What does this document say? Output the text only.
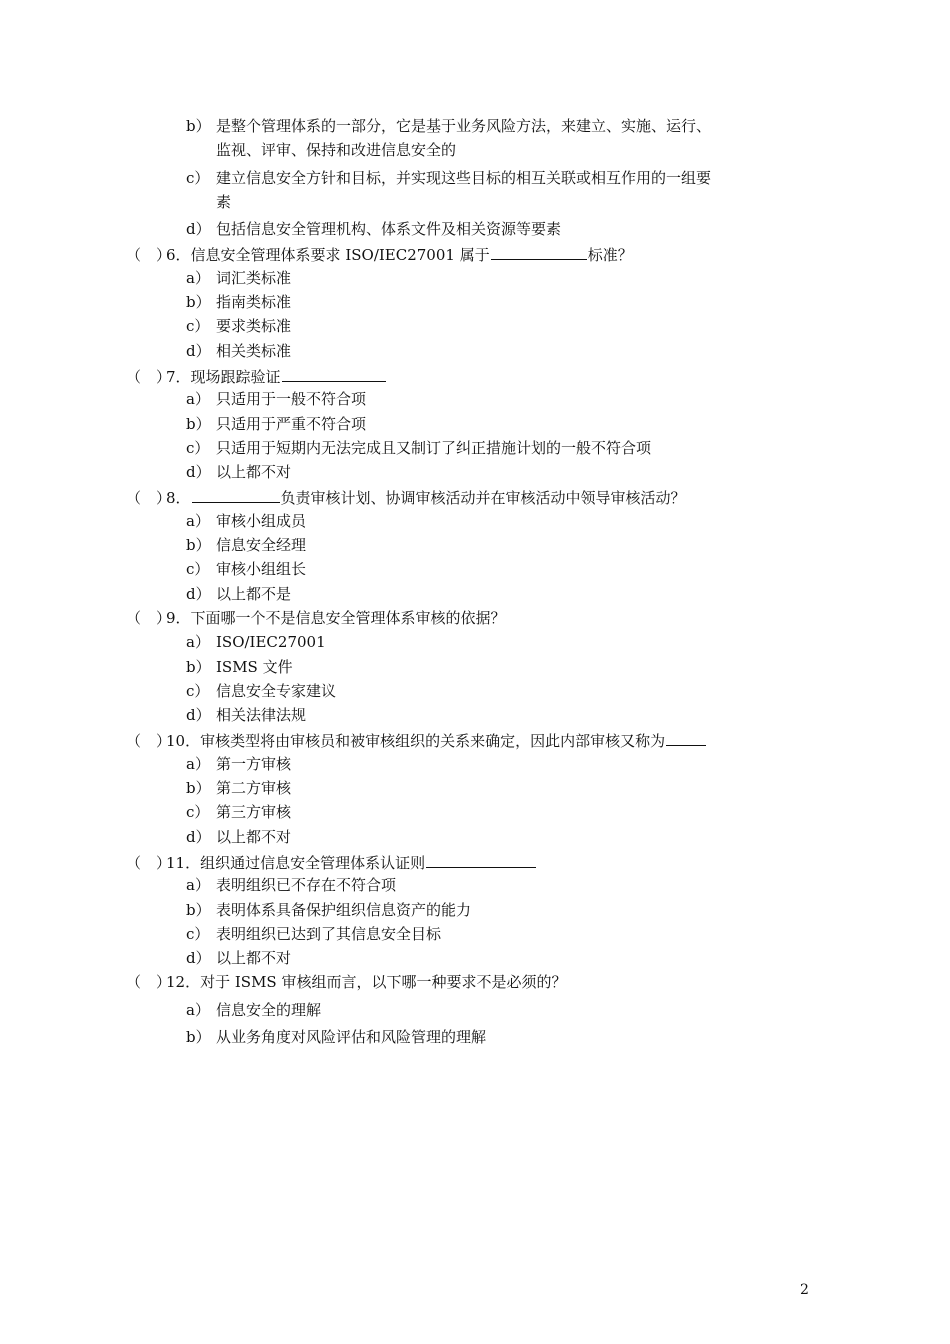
b） 是整个管理体系的一部分，它是基于业务风险方法，来建立、实施、运行、
监视、评审、保持和改进信息安全的
c） 建立信息安全方针和目标，并实现这些目标的相互关联或相互作用的一组要
素
d） 包括信息安全管理机构、体系文件及相关资源等要素
（　）6．信息安全管理体系要求 ISO/IEC27001 属于	标准？
a） 词汇类标准
b） 指南类标准
c） 要求类标准
d） 相关类标准
（　）7．现场跟踪验证
a） 只适用于一般不符合项
b） 只适用于严重不符合项
c） 只适用于短期内无法完成且又制订了纠正措施计划的一般不符合项
d） 以上都不对
（　）8．	负责审核计划、协调审核活动并在审核活动中领导审核活动？
a） 审核小组成员
b） 信息安全经理
c） 审核小组组长
d） 以上都不是
（　）9．下面哪一个不是信息安全管理体系审核的依据？
a） ISO/IEC27001
b） ISMS 文件
c） 信息安全专家建议
d） 相关法律法规
（　）10．审核类型将由审核员和被审核组织的关系来确定，因此内部审核又称为
a） 第一方审核
b） 第二方审核
c） 第三方审核
d） 以上都不对
（　）11．组织通过信息安全管理体系认证则
a） 表明组织已不存在不符合项
b） 表明体系具备保护组织信息资产的能力
c） 表明组织已达到了其信息安全目标
d） 以上都不对
（　）12．对于 ISMS 审核组而言，以下哪一种要求不是必须的？
a） 信息安全的理解
b） 从业务角度对风险评估和风险管理的理解
2
